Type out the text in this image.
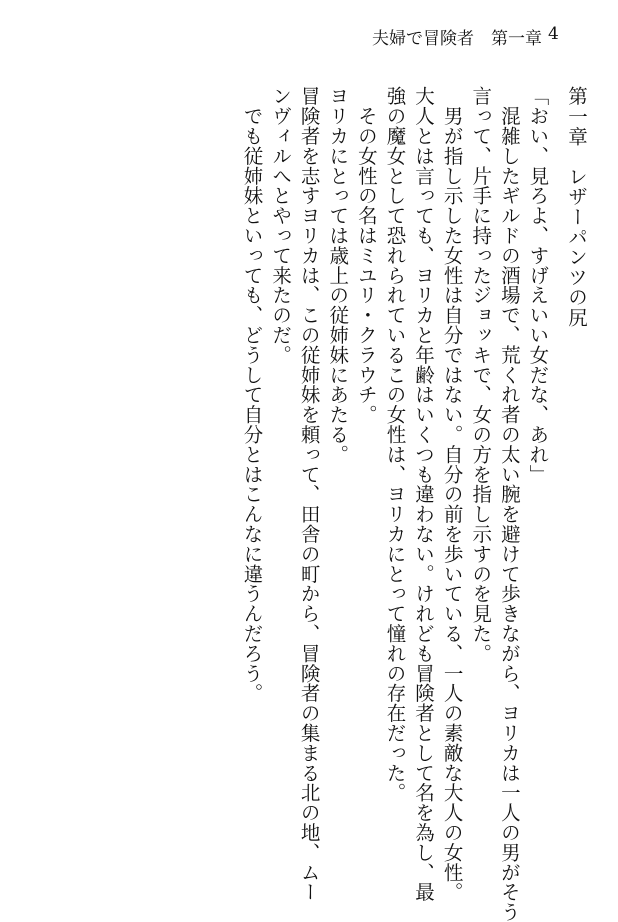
夫婦で冒険者　第一章 4
第一章　レザーパンツの尻
「おい、見ろよ、すげえいい女だな、あれ」
　混雑したギルドの酒場で、荒くれ者の太い腕を避けて歩きながら、ヨリカは一人の男がそう
言って、片手に持ったジョッキで、女の方を指し示すのを見た。
　男が指し示した女性は自分ではない。自分の前を歩いている、一人の素敵な大人の女性。
大人とは言っても、ヨリカと年齢はいくつも違わない。けれども冒険者として名を為し、最
強の魔女として恐れられているこの女性は、ヨリカにとって憧れの存在だった。
　その女性の名はミユリ・クラウチ。
ヨリカにとっては歳上の従姉妹にあたる。
冒険者を志すヨリカは、この従姉妹を頼って、田舎の町から、冒険者の集まる北の地、ムー
ンヴィルへとやって来たのだ。
　でも従姉妹といっても、どうして自分とはこんなに違うんだろう。
